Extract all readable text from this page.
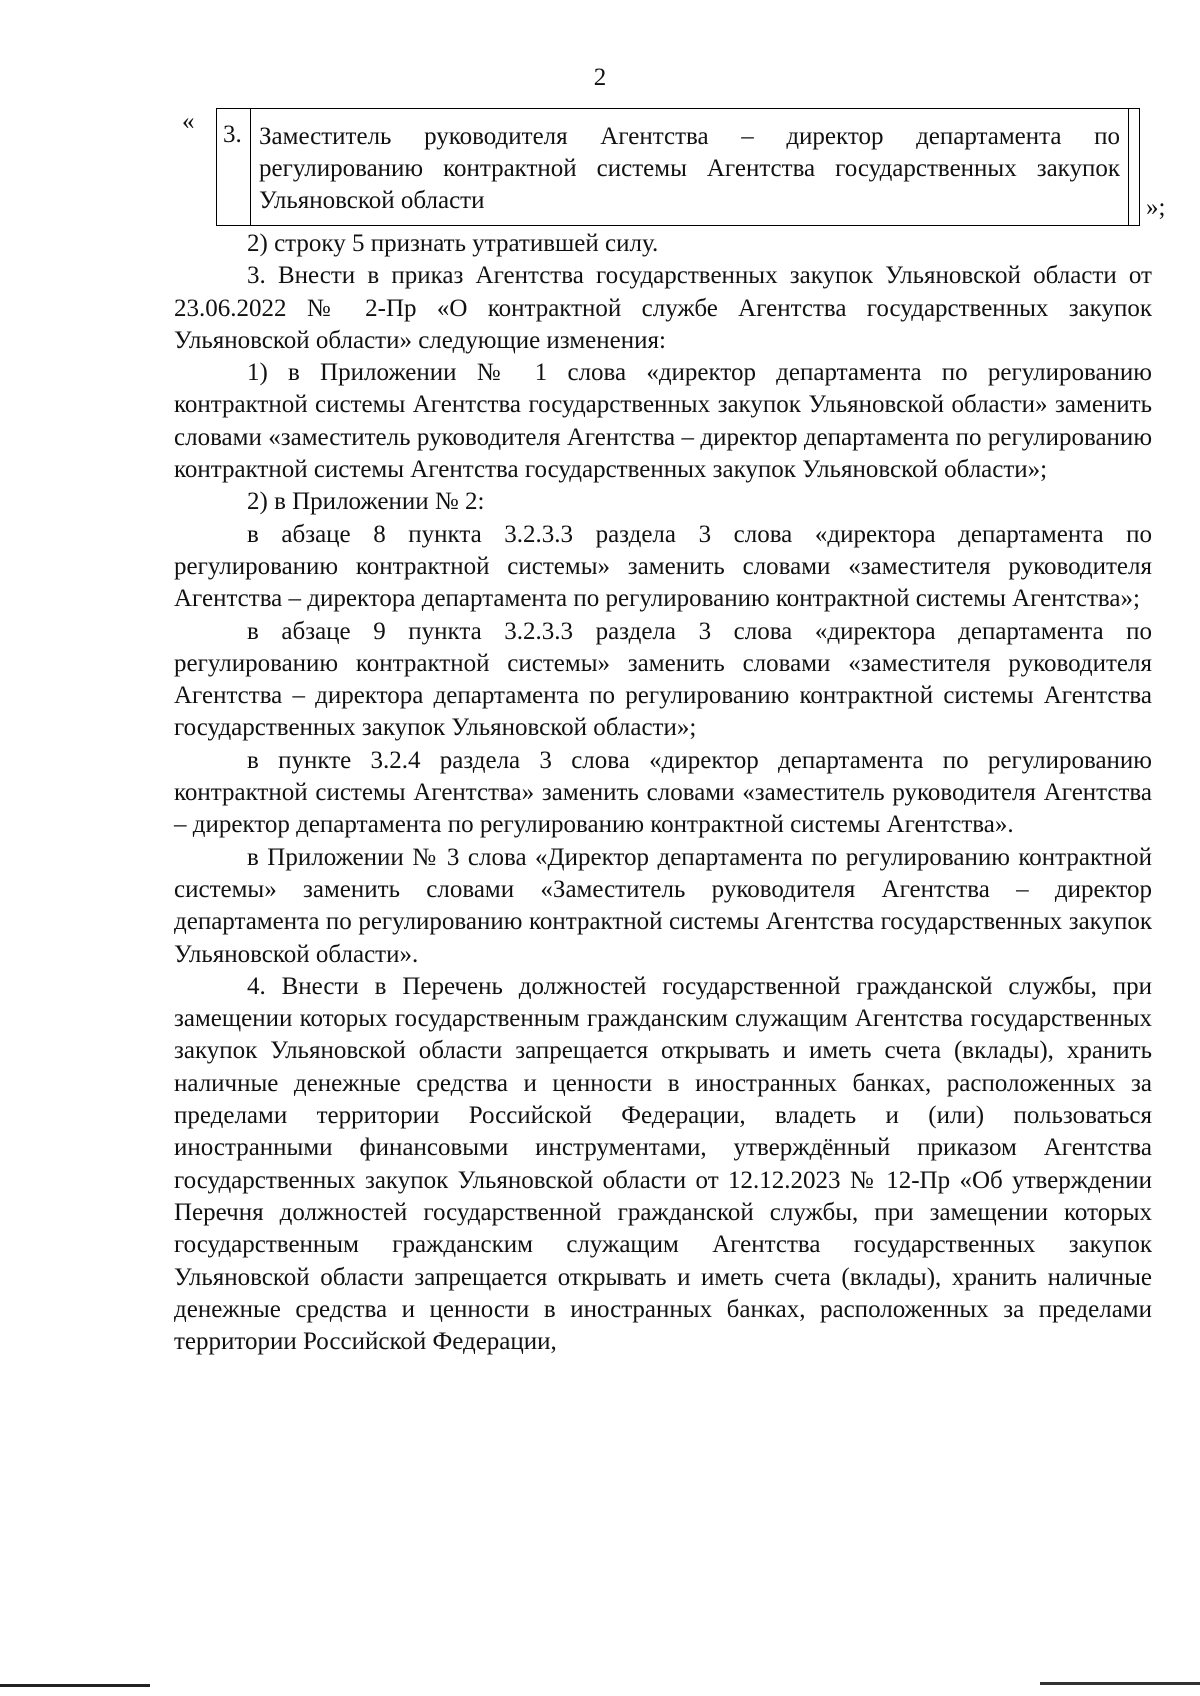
2
« 3. Заместитель руководителя Агентства – директор департамента по регулированию контрактной системы Агентства государственных закупок Ульяновской области	»;

2) строку 5 признать утратившей силу.

3. Внести в приказ Агентства государственных закупок Ульяновской области от 23.06.2022 № 2-Пр «О контрактной службе Агентства государственных закупок Ульяновской области» следующие изменения:

1) в Приложении № 1 слова «директор департамента по регулированию контрактной системы Агентства государственных закупок Ульяновской области» заменить словами «заместитель руководителя Агентства – директор департамента по регулированию контрактной системы Агентства государственных закупок Ульяновской области»;

2) в Приложении № 2:

в абзаце 8 пункта 3.2.3.3 раздела 3 слова «директора департамента по регулированию контрактной системы» заменить словами «заместителя руководителя Агентства – директора департамента по регулированию контрактной системы Агентства»;

в абзаце 9 пункта 3.2.3.3 раздела 3 слова «директора департамента по регулированию контрактной системы» заменить словами «заместителя руководителя Агентства – директора департамента по регулированию контрактной системы Агентства государственных закупок Ульяновской области»;

в пункте 3.2.4 раздела 3 слова «директор департамента по регулированию контрактной системы Агентства» заменить словами «заместитель руководителя Агентства – директор департамента по регулированию контрактной системы Агентства».

в Приложении № 3 слова «Директор департамента по регулированию контрактной системы» заменить словами «Заместитель руководителя Агентства – директор департамента по регулированию контрактной системы Агентства государственных закупок Ульяновской области».

4. Внести в Перечень должностей государственной гражданской службы, при замещении которых государственным гражданским служащим Агентства государственных закупок Ульяновской области запрещается открывать и иметь счета (вклады), хранить наличные денежные средства и ценности в иностранных банках, расположенных за пределами территории Российской Федерации, владеть и (или) пользоваться иностранными финансовыми инструментами, утверждённый приказом Агентства государственных закупок Ульяновской области от 12.12.2023 № 12-Пр «Об утверждении Перечня должностей государственной гражданской службы, при замещении которых государственным гражданским служащим Агентства государственных закупок Ульяновской области запрещается открывать и иметь счета (вклады), хранить наличные денежные средства и ценности в иностранных банках, расположенных за пределами территории Российской Федерации,
